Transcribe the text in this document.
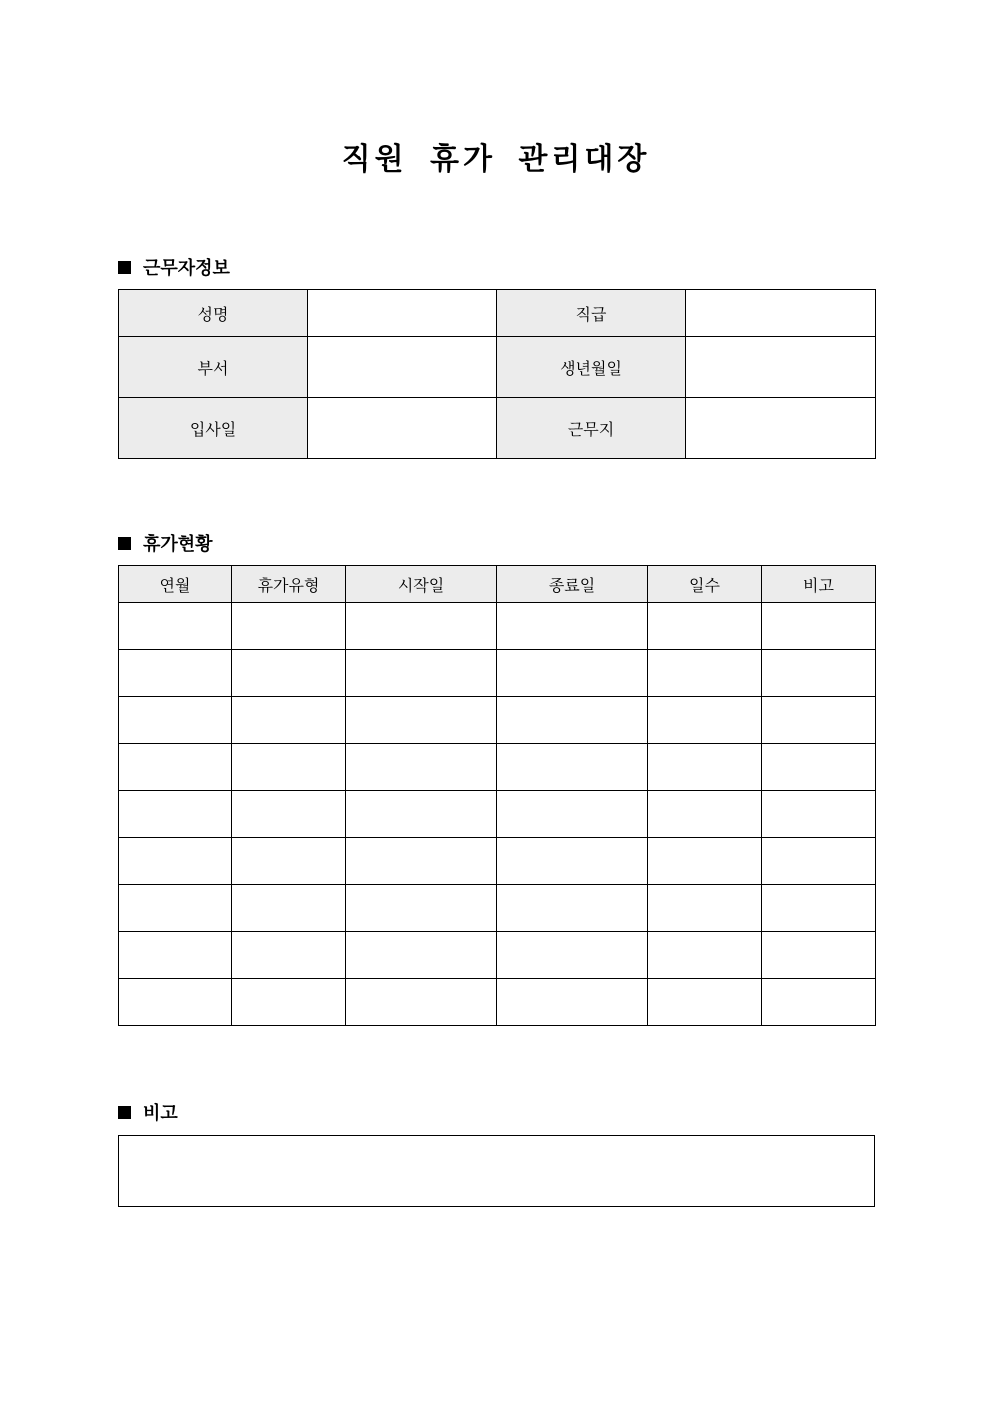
직원 휴가 관리대장
근무자정보
성명		직급	
부서		생년월일	
입사일		근무지	
휴가현황
연월	휴가유형	시작일	종료일	일수	비고

비고
